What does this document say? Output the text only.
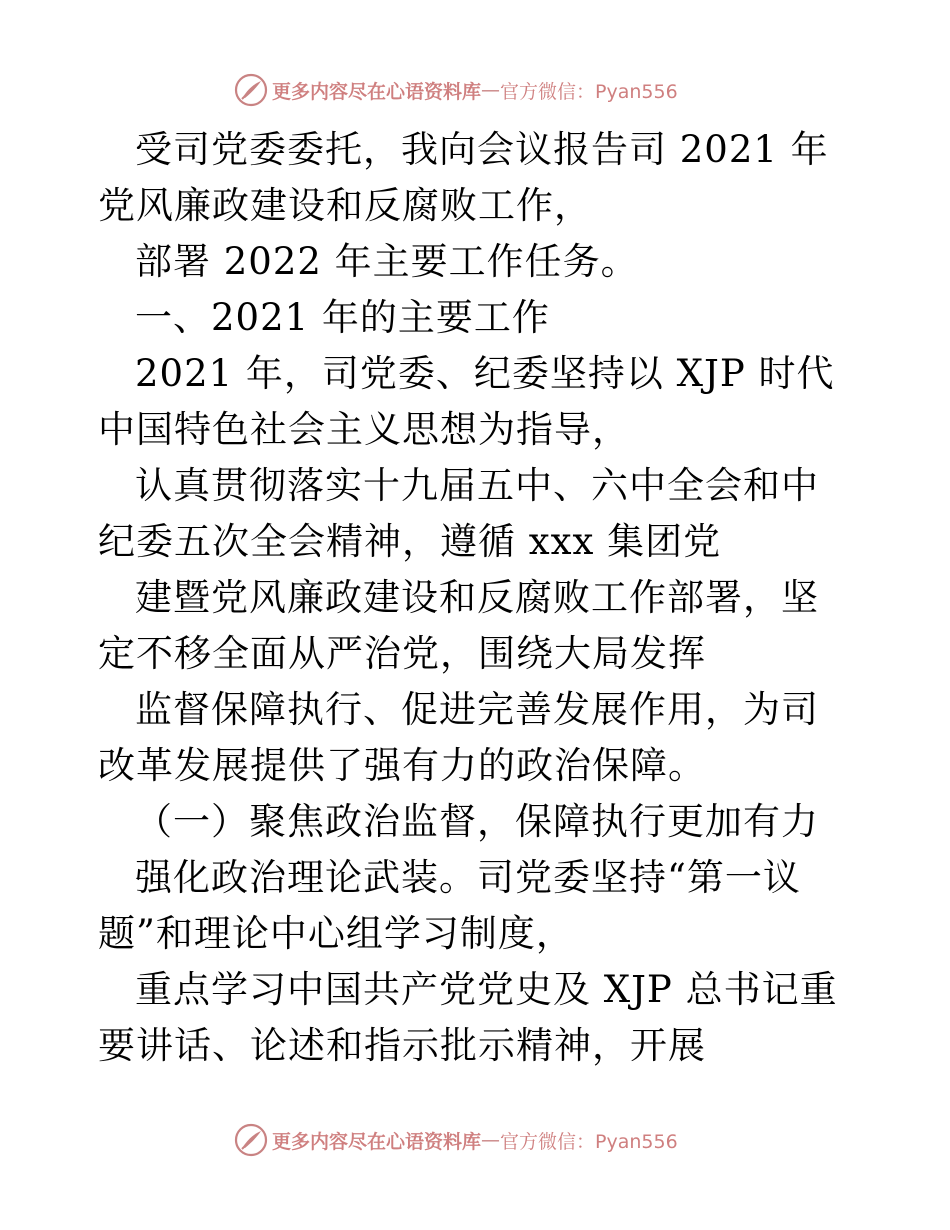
更多内容尽在心语资料库 — 官方微信：Pyan556

受司党委委托，我向会议报告司 2021 年党风廉政建设和反腐败工作，

部署 2022 年主要工作任务。

一、2021 年的主要工作

2021 年，司党委、纪委坚持以 XJP 时代中国特色社会主义思想为指导，

认真贯彻落实十九届五中、六中全会和中纪委五次全会精神，遵循 xxx 集团党

建暨党风廉政建设和反腐败工作部署，坚定不移全面从严治党，围绕大局发挥

监督保障执行、促进完善发展作用，为司改革发展提供了强有力的政治保障。

（一）聚焦政治监督，保障执行更加有力

强化政治理论武装。司党委坚持“第一议题”和理论中心组学习制度，

重点学习中国共产党党史及 XJP 总书记重要讲话、论述和指示批示精神，开展

更多内容尽在心语资料库 — 官方微信：Pyan556
